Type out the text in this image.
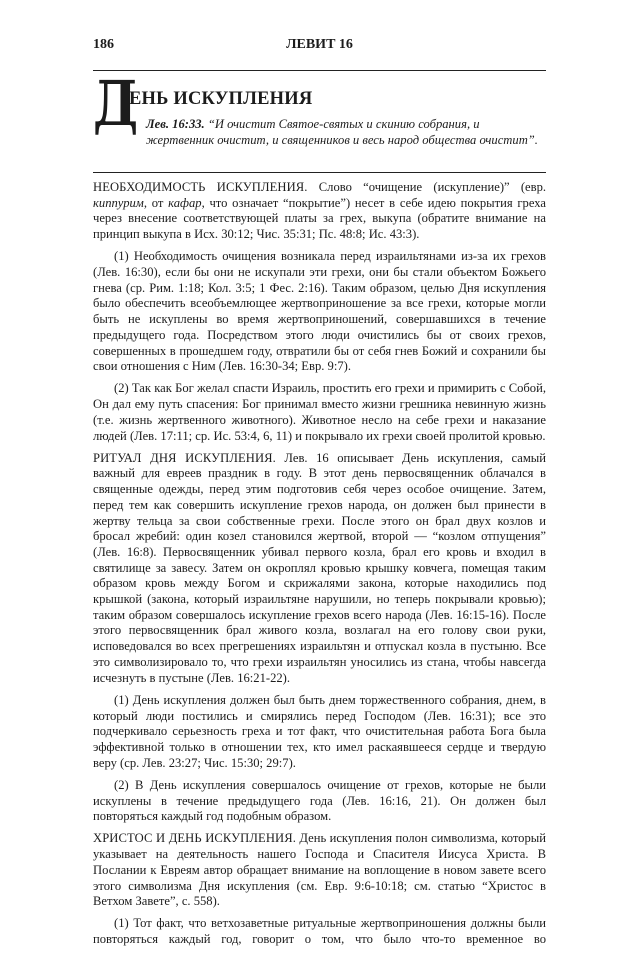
186	ЛЕВИТ 16
Д
ЕНЬ ИСКУПЛЕНИЯ
Лев. 16:33. “И очистит Святое-святых и скинию собрания, и жертвенник очистит, и священников и весь народ общества очистит”.

НЕОБХОДИМОСТЬ ИСКУПЛЕНИЯ. Слово “очищение (искупление)” (евр. киппурим, от кафар, что означает “покрытие”) несет в себе идею покрытия греха через внесение соответствующей платы за грех, выкупа (обратите внимание на принцип выкупа в Исх. 30:12; Чис. 35:31; Пс. 48:8; Ис. 43:3).

(1) Необходимость очищения возникала перед израильтянами из-за их грехов (Лев. 16:30), если бы они не искупали эти грехи, они бы стали объектом Божьего гнева (ср. Рим. 1:18; Кол. 3:5; 1 Фес. 2:16). Таким образом, целью Дня искупления было обеспечить всеобъемлющее жертвоприношение за все грехи, которые могли быть не искуплены во время жертвоприношений, совершавшихся в течение предыдущего года. Посредством этого люди очистились бы от своих грехов, совершенных в прошедшем году, отвратили бы от себя гнев Божий и сохранили бы свои отношения с Ним (Лев. 16:30-34; Евр. 9:7).

(2) Так как Бог желал спасти Израиль, простить его грехи и примирить с Собой, Он дал ему путь спасения: Бог принимал вместо жизни грешника невинную жизнь (т.е. жизнь жертвенного животного). Животное несло на себе грехи и наказание людей (Лев. 17:11; ср. Ис. 53:4, 6, 11) и покрывало их грехи своей пролитой кровью.

РИТУАЛ ДНЯ ИСКУПЛЕНИЯ. Лев. 16 описывает День искупления, самый важный для евреев праздник в году. В этот день первосвященник облачался в священные одежды, перед этим подготовив себя через особое очищение. Затем, перед тем как совершить искупление грехов народа, он должен был принести в жертву тельца за свои собственные грехи. После этого он брал двух козлов и бросал жребий: один козел становился жертвой, второй — “козлом отпущения” (Лев. 16:8). Первосвященник убивал первого козла, брал его кровь и входил в святилище за завесу. Затем он окроплял кровью крышку ковчега, помещая таким образом кровь между Богом и скрижалями закона, которые находились под крышкой (закона, который израильтяне нарушили, но теперь покрывали кровью); таким образом совершалось искупление грехов всего народа (Лев. 16:15-16). После этого первосвященник брал живого козла, возлагал на его голову свои руки, исповедовался во всех прегрешениях израильтян и отпускал козла в пустыню. Все это символизировало то, что грехи израильтян уносились из стана, чтобы навсегда исчезнуть в пустыне (Лев. 16:21-22).

(1) День искупления должен был быть днем торжественного собрания, днем, в который люди постились и смирялись перед Господом (Лев. 16:31); все это подчеркивало серьезность греха и тот факт, что очистительная работа Бога была эффективной только в отношении тех, кто имел раскаявшееся сердце и твердую веру (ср. Лев. 23:27; Чис. 15:30; 29:7).

(2) В День искупления совершалось очищение от грехов, которые не были искуплены в течение предыдущего года (Лев. 16:16, 21). Он должен был повторяться каждый год подобным образом.

ХРИСТОС И ДЕНЬ ИСКУПЛЕНИЯ. День искупления полон символизма, который указывает на деятельность нашего Господа и Спасителя Иисуса Христа. В Послании к Евреям автор обращает внимание на воплощение в новом завете всего этого символизма Дня искупления (см. Евр. 9:6-10:18; см. статью “Христос в Ветхом Завете”, с. 558).

(1) Тот факт, что ветхозаветные ритуальные жертвоприношения должны были повторяться каждый год, говорит о том, что было что-то временное во
